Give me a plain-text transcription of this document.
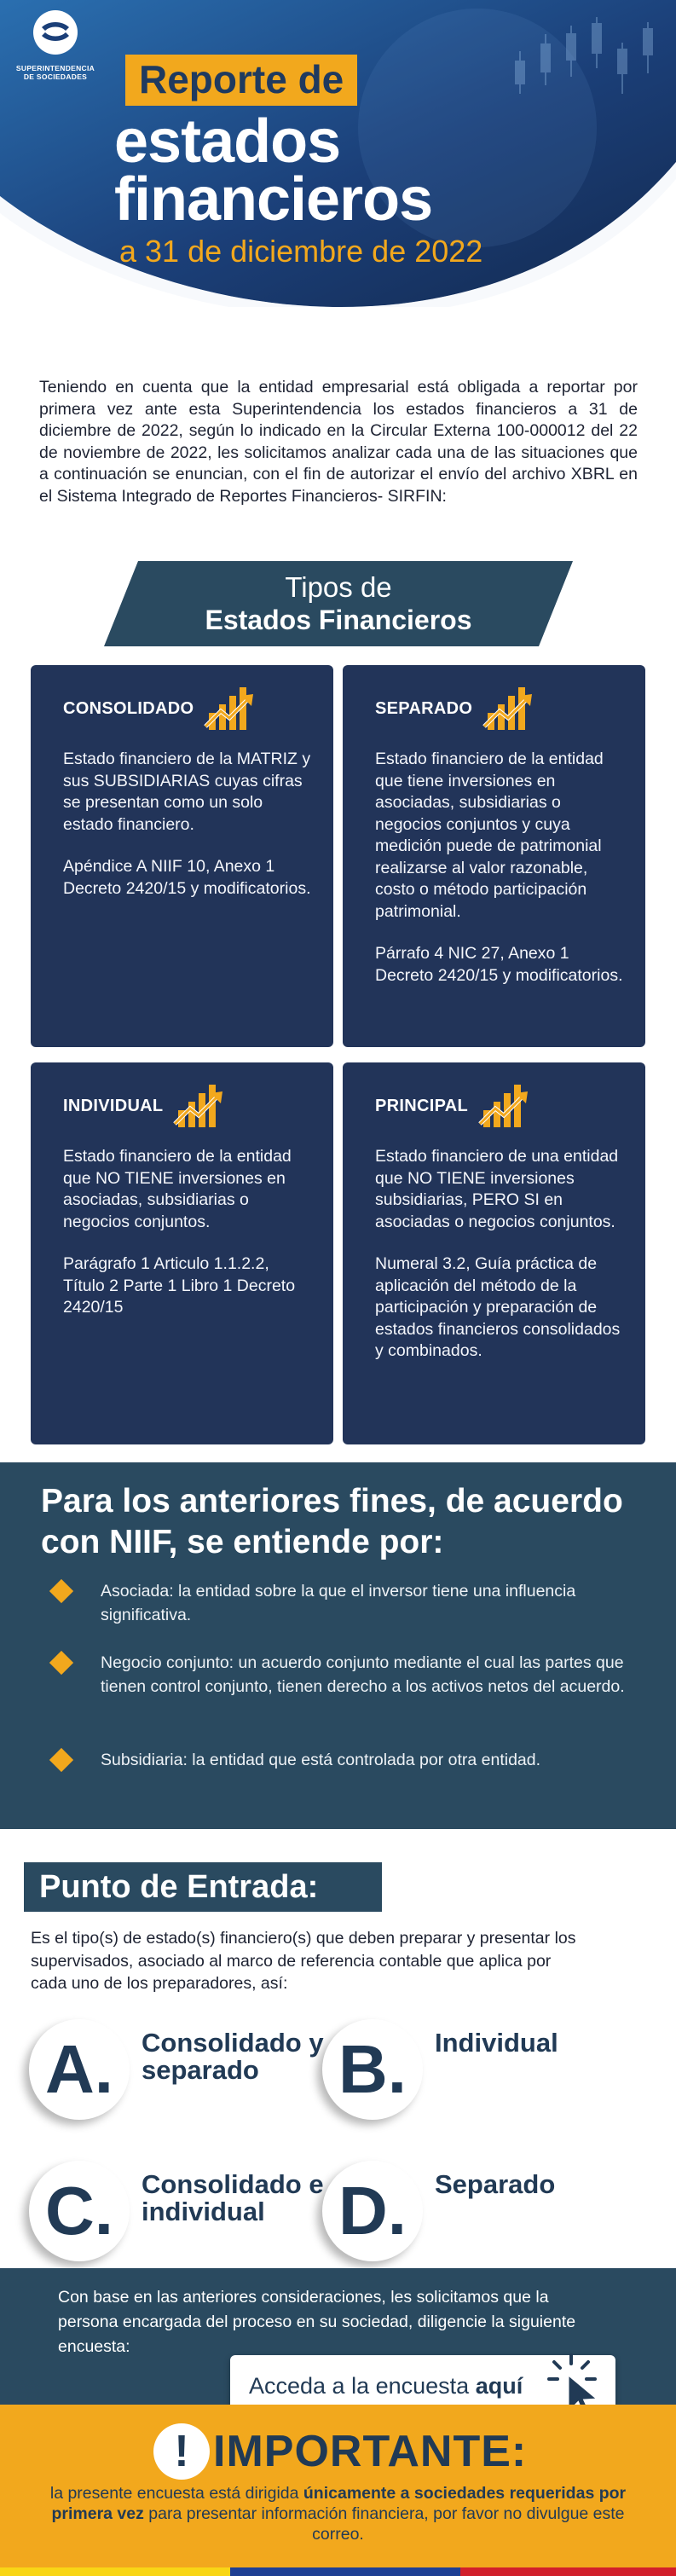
SUPERINTENDENCIA
DE SOCIEDADES	Reporte de
estados
financieros
a 31 de diciembre de 2022

Teniendo en cuenta que la entidad empresarial está obligada a reportar por primera vez ante esta Superintendencia los estados financieros a 31 de diciembre de 2022, según lo indicado en la Circular Externa 100-000012 del 22 de noviembre de 2022, les solicitamos analizar cada una de las situaciones que a continuación se enuncian, con el fin de autorizar el envío del archivo XBRL en el Sistema Integrado de Reportes Financieros- SIRFIN:

Tipos de
Estados Financieros
CONSOLIDADO

Estado financiero de la MATRIZ y sus SUBSIDIARIAS cuyas cifras se presentan como un solo estado financiero.

Apéndice A NIIF 10, Anexo 1 Decreto 2420/15 y modificatorios.

SEPARADO

Estado financiero de la entidad que tiene inversiones en asociadas, subsidiarias o negocios conjuntos y cuya medición puede de patrimonial realizarse al valor razonable, costo o método participación patrimonial.

Párrafo 4 NIC 27, Anexo 1 Decreto 2420/15 y modificatorios.

INDIVIDUAL

Estado financiero de la entidad que NO TIENE inversiones en asociadas, subsidiarias o negocios conjuntos.

Parágrafo 1 Articulo 1.1.2.2, Título 2 Parte 1 Libro 1 Decreto 2420/15

PRINCIPAL

Estado financiero de una entidad que NO TIENE inversiones subsidiarias, PERO SI en asociadas o negocios conjuntos.

Numeral 3.2, Guía práctica de aplicación del método de la participación y preparación de estados financieros consolidados y combinados.

Para los anteriores fines, de acuerdo con NIIF, se entiende por:
Asociada: la entidad sobre la que el inversor tiene una influencia significativa.
Negocio conjunto: un acuerdo conjunto mediante el cual las partes que tienen control conjunto, tienen derecho a los activos netos del acuerdo.
Subsidiaria: la entidad que está controlada por otra entidad.
Punto de Entrada:

Es el tipo(s) de estado(s) financiero(s) que deben preparar y presentar los supervisados, asociado al marco de referencia contable que aplica por cada uno de los preparadores, así:

A.	Consolidado y separado	B.	Individual
C.	Consolidado e individual	D.	Separado

Con base en las anteriores consideraciones, les solicitamos que la persona encargada del proceso en su sociedad, diligencie la siguiente encuesta:

Acceda a la encuesta aquí
! IMPORTANTE:

la presente encuesta está dirigida únicamente a sociedades requeridas por primera vez para presentar información financiera, por favor no divulgue este correo.
